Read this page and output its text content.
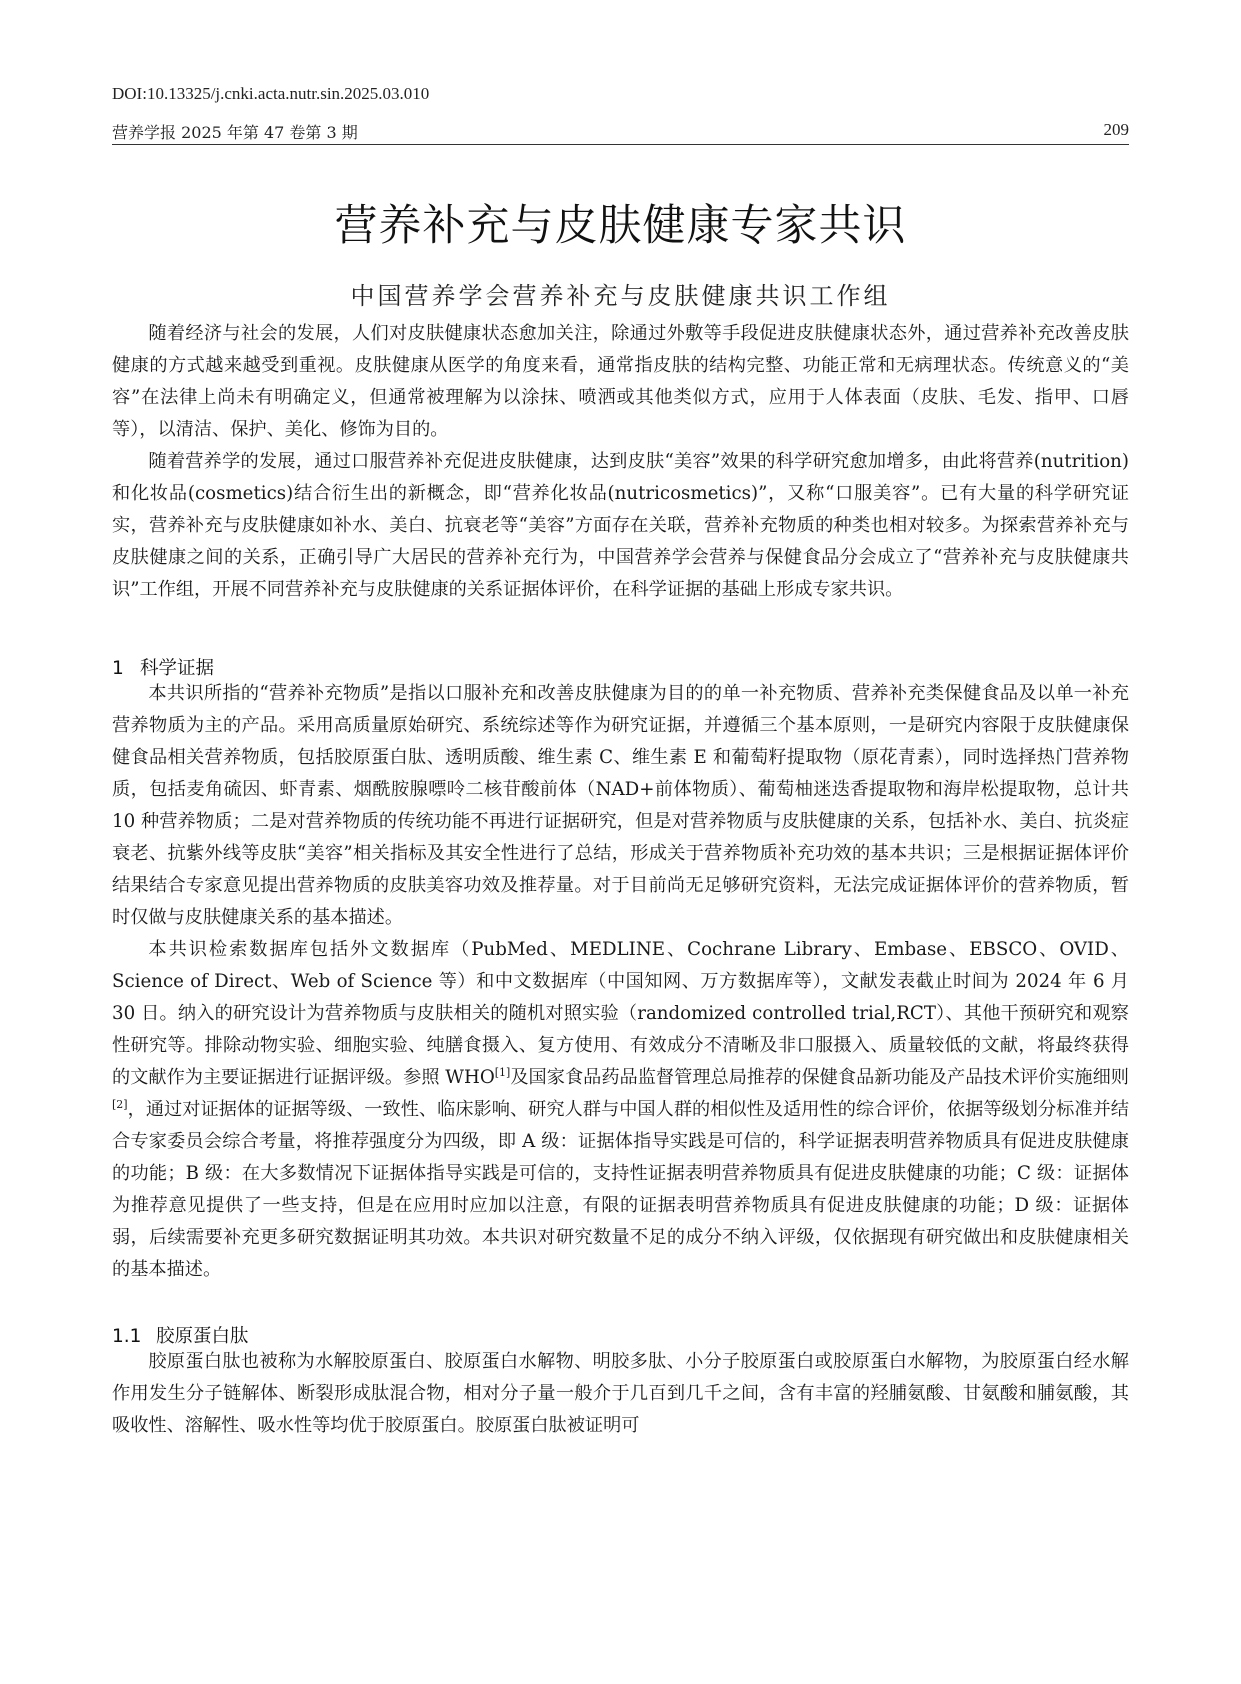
DOI:10.13325/j.cnki.acta.nutr.sin.2025.03.010
营养学报 2025 年第 47 卷第 3 期	209
营养补充与皮肤健康专家共识
中国营养学会营养补充与皮肤健康共识工作组

随着经济与社会的发展，人们对皮肤健康状态愈加关注，除通过外敷等手段促进皮肤健康状态外，通过营养补充改善皮肤健康的方式越来越受到重视。皮肤健康从医学的角度来看，通常指皮肤的结构完整、功能正常和无病理状态。传统意义的“美容”在法律上尚未有明确定义，但通常被理解为以涂抹、喷洒或其他类似方式，应用于人体表面（皮肤、毛发、指甲、口唇等），以清洁、保护、美化、修饰为目的。

随着营养学的发展，通过口服营养补充促进皮肤健康，达到皮肤“美容”效果的科学研究愈加增多，由此将营养(nutrition)和化妆品(cosmetics)结合衍生出的新概念，即“营养化妆品(nutricosmetics)”，又称“口服美容”。已有大量的科学研究证实，营养补充与皮肤健康如补水、美白、抗衰老等“美容”方面存在关联，营养补充物质的种类也相对较多。为探索营养补充与皮肤健康之间的关系，正确引导广大居民的营养补充行为，中国营养学会营养与保健食品分会成立了“营养补充与皮肤健康共识”工作组，开展不同营养补充与皮肤健康的关系证据体评价，在科学证据的基础上形成专家共识。

1 科学证据

本共识所指的“营养补充物质”是指以口服补充和改善皮肤健康为目的的单一补充物质、营养补充类保健食品及以单一补充营养物质为主的产品。采用高质量原始研究、系统综述等作为研究证据，并遵循三个基本原则，一是研究内容限于皮肤健康保健食品相关营养物质，包括胶原蛋白肽、透明质酸、维生素 C、维生素 E 和葡萄籽提取物（原花青素），同时选择热门营养物质，包括麦角硫因、虾青素、烟酰胺腺嘌呤二核苷酸前体（NAD+前体物质）、葡萄柚迷迭香提取物和海岸松提取物，总计共 10 种营养物质；二是对营养物质的传统功能不再进行证据研究，但是对营养物质与皮肤健康的关系，包括补水、美白、抗炎症衰老、抗紫外线等皮肤“美容”相关指标及其安全性进行了总结，形成关于营养物质补充功效的基本共识；三是根据证据体评价结果结合专家意见提出营养物质的皮肤美容功效及推荐量。对于目前尚无足够研究资料，无法完成证据体评价的营养物质，暂时仅做与皮肤健康关系的基本描述。

本共识检索数据库包括外文数据库（PubMed、MEDLINE、Cochrane Library、Embase、EBSCO、OVID、Science of Direct、Web of Science 等）和中文数据库（中国知网、万方数据库等），文献发表截止时间为 2024 年 6 月 30 日。纳入的研究设计为营养物质与皮肤相关的随机对照实验（randomized controlled trial,RCT）、其他干预研究和观察性研究等。排除动物实验、细胞实验、纯膳食摄入、复方使用、有效成分不清晰及非口服摄入、质量较低的文献，将最终获得的文献作为主要证据进行证据评级。参照 WHO[1]及国家食品药品监督管理总局推荐的保健食品新功能及产品技术评价实施细则[2]，通过对证据体的证据等级、一致性、临床影响、研究人群与中国人群的相似性及适用性的综合评价，依据等级划分标准并结合专家委员会综合考量，将推荐强度分为四级，即 A 级：证据体指导实践是可信的，科学证据表明营养物质具有促进皮肤健康的功能；B 级：在大多数情况下证据体指导实践是可信的，支持性证据表明营养物质具有促进皮肤健康的功能；C 级：证据体为推荐意见提供了一些支持，但是在应用时应加以注意，有限的证据表明营养物质具有促进皮肤健康的功能；D 级：证据体弱，后续需要补充更多研究数据证明其功效。本共识对研究数量不足的成分不纳入评级，仅依据现有研究做出和皮肤健康相关的基本描述。

1.1 胶原蛋白肽

胶原蛋白肽也被称为水解胶原蛋白、胶原蛋白水解物、明胶多肽、小分子胶原蛋白或胶原蛋白水解物，为胶原蛋白经水解作用发生分子链解体、断裂形成肽混合物，相对分子量一般介于几百到几千之间，含有丰富的羟脯氨酸、甘氨酸和脯氨酸，其吸收性、溶解性、吸水性等均优于胶原蛋白。胶原蛋白肽被证明可
